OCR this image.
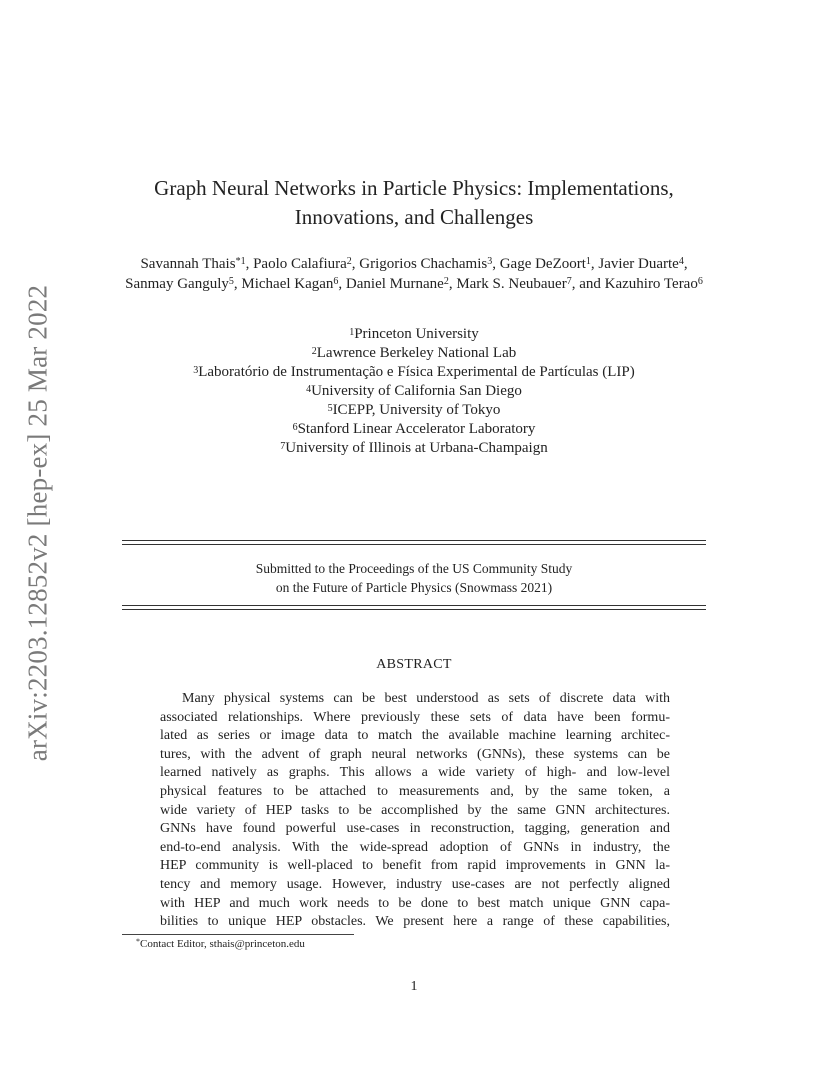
arXiv:2203.12852v2 [hep-ex] 25 Mar 2022
Graph Neural Networks in Particle Physics: Implementations,
Innovations, and Challenges
Savannah Thais$^{*1}$, Paolo Calafiura$^2$, Grigorios Chachamis$^3$, Gage DeZoort$^1$, Javier Duarte$^4$, Sanmay Ganguly$^5$, Michael Kagan$^6$, Daniel Murnane$^2$, Mark S. Neubauer$^7$, and Kazuhiro Terao$^6$
$^1$Princeton University
$^2$Lawrence Berkeley National Lab
$^3$Laboratório de Instrumentação e Física Experimental de Partículas (LIP)
$^4$University of California San Diego
$^5$ICEPP, University of Tokyo
$^6$Stanford Linear Accelerator Laboratory
$^7$University of Illinois at Urbana-Champaign
Submitted to the Proceedings of the US Community Study
on the Future of Particle Physics (Snowmass 2021)
ABSTRACT
Many physical systems can be best understood as sets of discrete data with
associated relationships. Where previously these sets of data have been formu-
lated as series or image data to match the available machine learning architec-
tures, with the advent of graph neural networks (GNNs), these systems can be
learned natively as graphs. This allows a wide variety of high- and low-level
physical features to be attached to measurements and, by the same token, a
wide variety of HEP tasks to be accomplished by the same GNN architectures.
GNNs have found powerful use-cases in reconstruction, tagging, generation and
end-to-end analysis. With the wide-spread adoption of GNNs in industry, the
HEP community is well-placed to benefit from rapid improvements in GNN la-
tency and memory usage. However, industry use-cases are not perfectly aligned
with HEP and much work needs to be done to best match unique GNN capa-
bilities to unique HEP obstacles. We present here a range of these capabilities,
*Contact Editor, sthais@princeton.edu
1
